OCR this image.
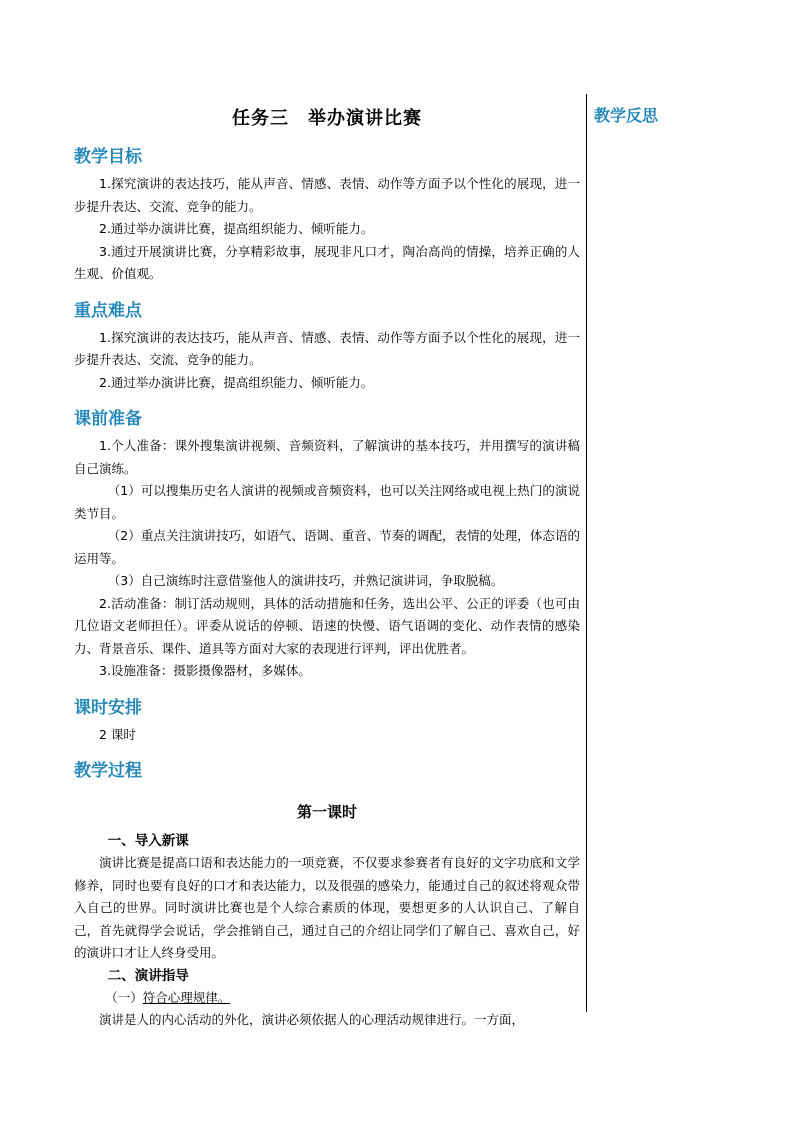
教学反思
任务三　举办演讲比赛
教学目标

1.探究演讲的表达技巧，能从声音、情感、表情、动作等方面予以个性化的展现，进一步提升表达、交流、竞争的能力。

2.通过举办演讲比赛，提高组织能力、倾听能力。

3.通过开展演讲比赛，分享精彩故事，展现非凡口才，陶冶高尚的情操，培养正确的人生观、价值观。

重点难点

1.探究演讲的表达技巧，能从声音、情感、表情、动作等方面予以个性化的展现，进一步提升表达、交流、竞争的能力。

2.通过举办演讲比赛，提高组织能力、倾听能力。

课前准备

1.个人准备：课外搜集演讲视频、音频资料，了解演讲的基本技巧，并用撰写的演讲稿自己演练。

（1）可以搜集历史名人演讲的视频或音频资料，也可以关注网络或电视上热门的演说类节目。

（2）重点关注演讲技巧，如语气、语调、重音、节奏的调配，表情的处理，体态语的运用等。

（3）自己演练时注意借鉴他人的演讲技巧，并熟记演讲词，争取脱稿。

2.活动准备：制订活动规则，具体的活动措施和任务，选出公平、公正的评委（也可由几位语文老师担任）。评委从说话的停顿、语速的快慢、语气语调的变化、动作表情的感染力、背景音乐、课件、道具等方面对大家的表现进行评判，评出优胜者。

3.设施准备：摄影摄像器材，多媒体。

课时安排

2 课时

教学过程
第一课时
一、导入新课

演讲比赛是提高口语和表达能力的一项竞赛，不仅要求参赛者有良好的文字功底和文学修养，同时也要有良好的口才和表达能力，以及很强的感染力，能通过自己的叙述将观众带入自己的世界。同时演讲比赛也是个人综合素质的体现，要想更多的人认识自己、了解自己，首先就得学会说话，学会推销自己，通过自己的介绍让同学们了解自己、喜欢自己，好的演讲口才让人终身受用。

二、演讲指导
（一）符合心理规律。

演讲是人的内心活动的外化，演讲必须依据人的心理活动规律进行。一方面，
